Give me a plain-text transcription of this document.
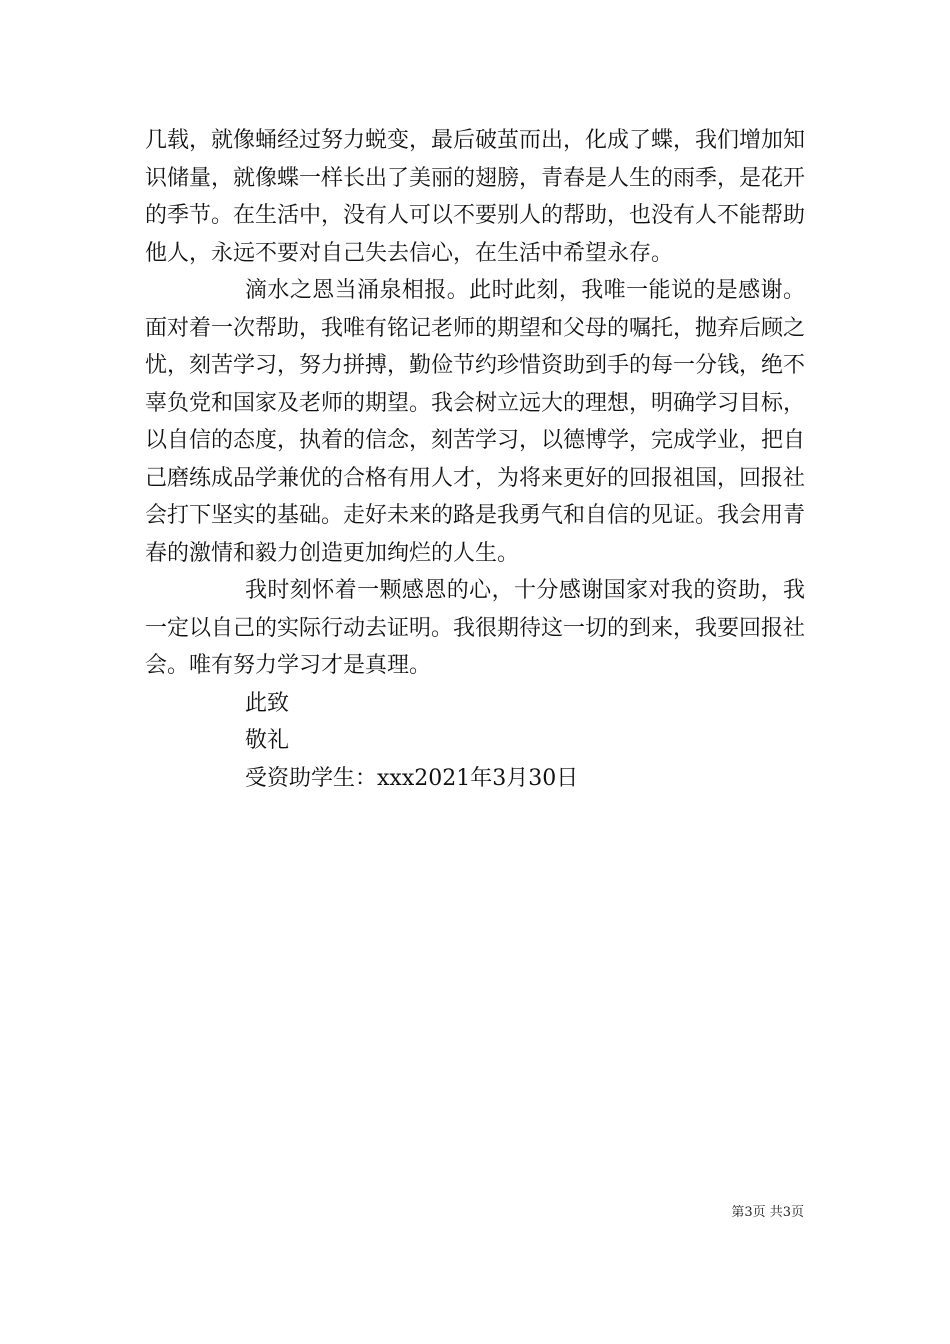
几载，就像蛹经过努力蜕变，最后破茧而出，化成了蝶，我们增加知识储量，就像蝶一样长出了美丽的翅膀，青春是人生的雨季，是花开的季节。在生活中，没有人可以不要别人的帮助，也没有人不能帮助他人，永远不要对自己失去信心，在生活中希望永存。

滴水之恩当涌泉相报。此时此刻，我唯一能说的是感谢。面对着一次帮助，我唯有铭记老师的期望和父母的嘱托，抛弃后顾之忧，刻苦学习，努力拼搏，勤俭节约珍惜资助到手的每一分钱，绝不辜负党和国家及老师的期望。我会树立远大的理想，明确学习目标，以自信的态度，执着的信念，刻苦学习，以德博学，完成学业，把自己磨练成品学兼优的合格有用人才，为将来更好的回报祖国，回报社会打下坚实的基础。走好未来的路是我勇气和自信的见证。我会用青春的激情和毅力创造更加绚烂的人生。

我时刻怀着一颗感恩的心，十分感谢国家对我的资助，我一定以自己的实际行动去证明。我很期待这一切的到来，我要回报社会。唯有努力学习才是真理。

此致

敬礼

受资助学生：xxx2021年3月30日

第3页 共3页
